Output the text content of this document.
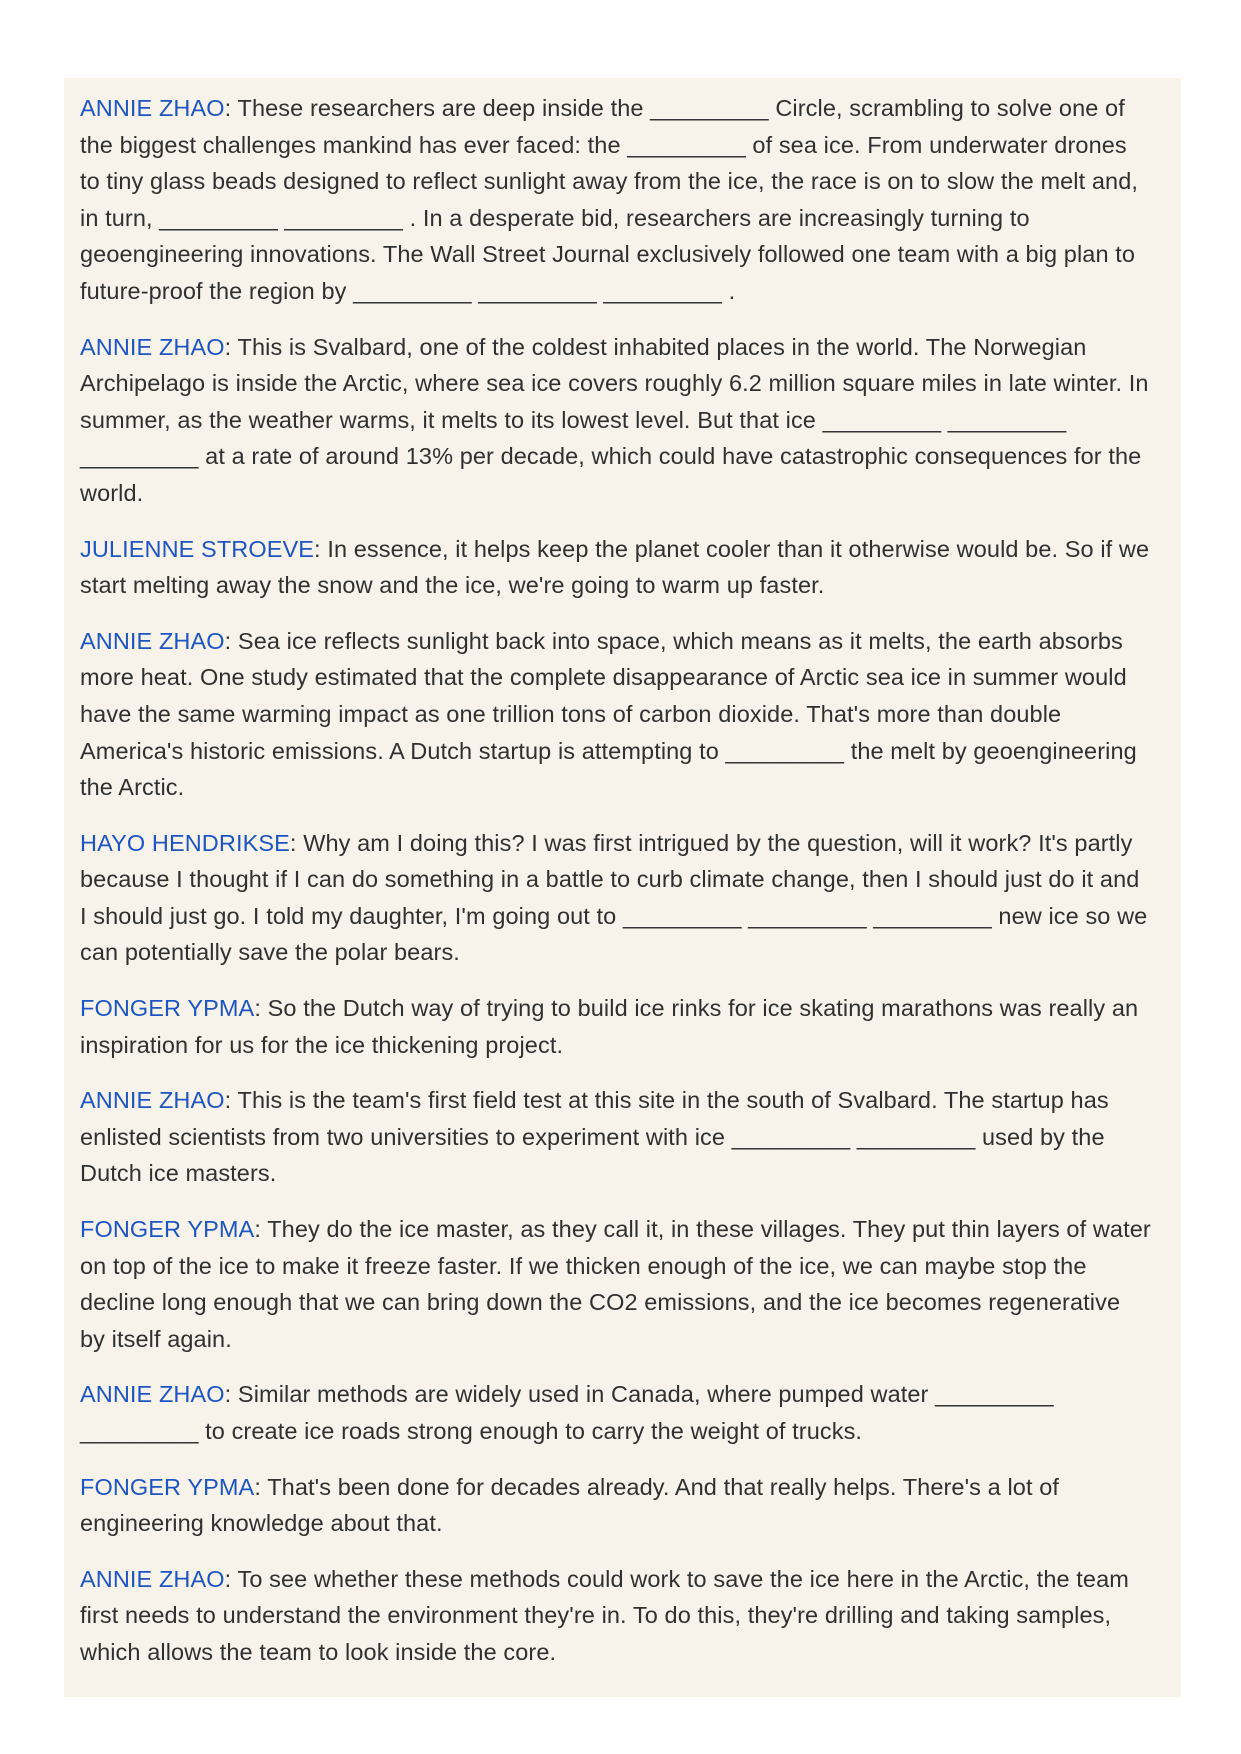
ANNIE ZHAO: These researchers are deep inside the _________ Circle, scrambling to solve one of the biggest challenges mankind has ever faced: the _________ of sea ice. From underwater drones to tiny glass beads designed to reflect sunlight away from the ice, the race is on to slow the melt and, in turn, _________ _________ . In a desperate bid, researchers are increasingly turning to geoengineering innovations. The Wall Street Journal exclusively followed one team with a big plan to future-proof the region by _________ _________ _________ .

ANNIE ZHAO: This is Svalbard, one of the coldest inhabited places in the world. The Norwegian Archipelago is inside the Arctic, where sea ice covers roughly 6.2 million square miles in late winter. In summer, as the weather warms, it melts to its lowest level. But that ice _________ _________ _________ at a rate of around 13% per decade, which could have catastrophic consequences for the world.

JULIENNE STROEVE: In essence, it helps keep the planet cooler than it otherwise would be. So if we start melting away the snow and the ice, we're going to warm up faster.

ANNIE ZHAO: Sea ice reflects sunlight back into space, which means as it melts, the earth absorbs more heat. One study estimated that the complete disappearance of Arctic sea ice in summer would have the same warming impact as one trillion tons of carbon dioxide. That's more than double America's historic emissions. A Dutch startup is attempting to _________ the melt by geoengineering the Arctic.

HAYO HENDRIKSE: Why am I doing this? I was first intrigued by the question, will it work? It's partly because I thought if I can do something in a battle to curb climate change, then I should just do it and I should just go. I told my daughter, I'm going out to _________ _________ _________ new ice so we can potentially save the polar bears.

FONGER YPMA: So the Dutch way of trying to build ice rinks for ice skating marathons was really an inspiration for us for the ice thickening project.

ANNIE ZHAO: This is the team's first field test at this site in the south of Svalbard. The startup has enlisted scientists from two universities to experiment with ice _________ _________ used by the Dutch ice masters.

FONGER YPMA: They do the ice master, as they call it, in these villages. They put thin layers of water on top of the ice to make it freeze faster. If we thicken enough of the ice, we can maybe stop the decline long enough that we can bring down the CO2 emissions, and the ice becomes regenerative by itself again.

ANNIE ZHAO: Similar methods are widely used in Canada, where pumped water _________ _________ to create ice roads strong enough to carry the weight of trucks.

FONGER YPMA: That's been done for decades already. And that really helps. There's a lot of engineering knowledge about that.

ANNIE ZHAO: To see whether these methods could work to save the ice here in the Arctic, the team first needs to understand the environment they're in. To do this, they're drilling and taking samples, which allows the team to look inside the core.
